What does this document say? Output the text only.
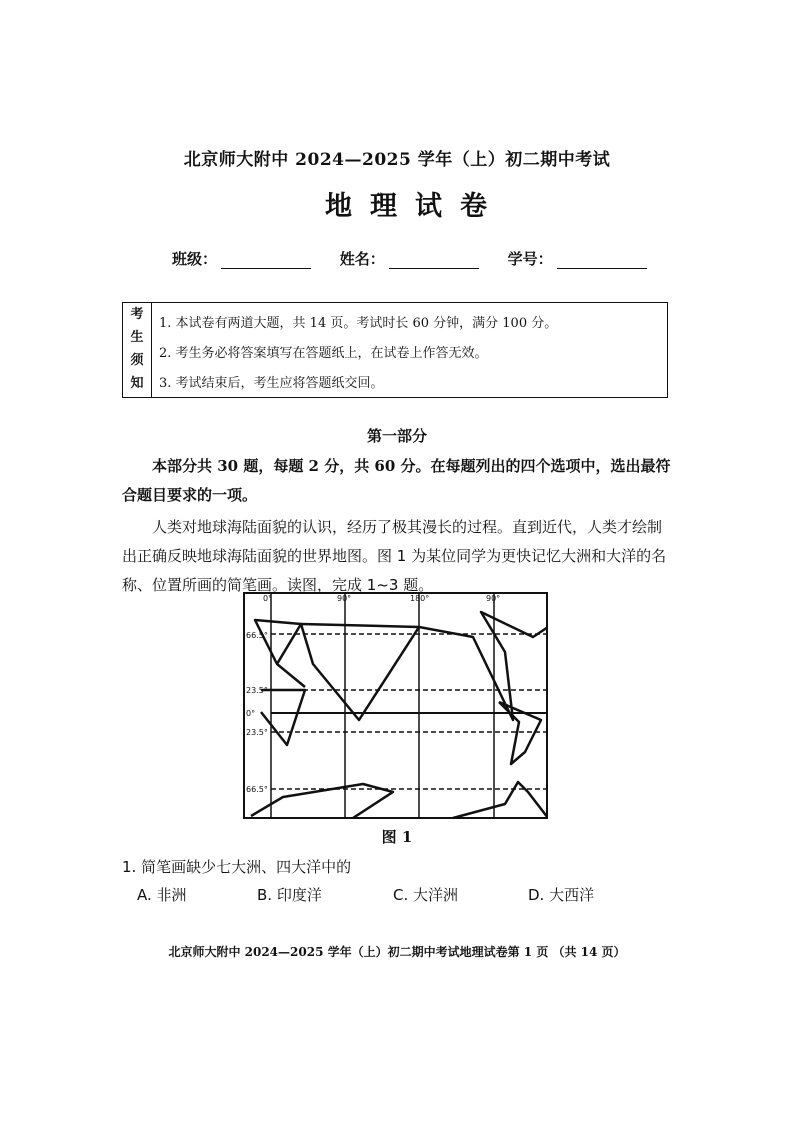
北京师大附中 2024—2025 学年（上）初二期中考试
地理试卷
班级：	姓名：	学号：
考
生
须
知
1. 本试卷有两道大题，共 14 页。考试时长 60 分钟，满分 100 分。
2. 考生务必将答案填写在答题纸上，在试卷上作答无效。
3. 考试结束后，考生应将答题纸交回。
第一部分
本部分共 30 题，每题 2 分，共 60 分。在每题列出的四个选项中，选出最符合题目要求的一项。
人类对地球海陆面貌的认识，经历了极其漫长的过程。直到近代，人类才绘制出正确反映地球海陆面貌的世界地图。图 1 为某位同学为更快记忆大洲和大洋的名称、位置所画的简笔画。读图，完成 1~3 题。
0°	90°	180°	90°
66.5°
23.5°
0°
23.5°
66.5°
图 1
1. 简笔画缺少七大洲、四大洋中的
A. 非洲	B. 印度洋	C. 大洋洲	D. 大西洋
北京师大附中 2024—2025 学年（上）初二期中考试地理试卷第 1 页 （共 14 页）
